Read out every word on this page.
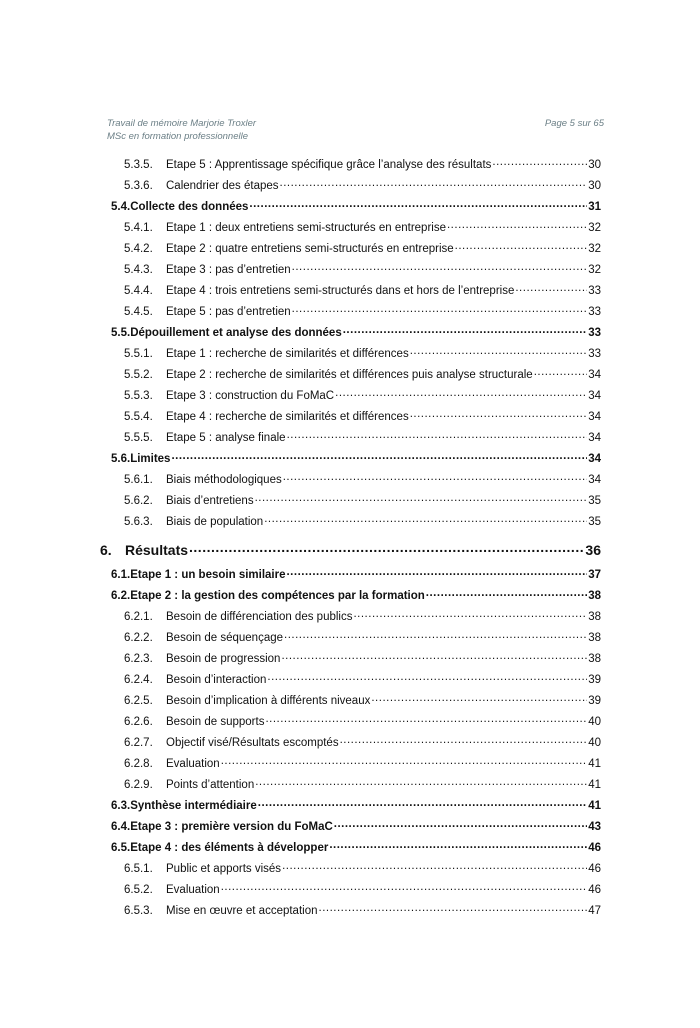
Travail de mémoire Marjorie Troxler	Page 5 sur 65
MSc en formation professionnelle
5.3.5.	Etape 5 : Apprentissage spécifique grâce l’analyse des résultats .....	30
5.3.6.	Calendrier des étapes .....	30
5.4. Collecte des données .....	31
5.4.1.	Etape 1 : deux entretiens semi-structurés en entreprise .....	32
5.4.2.	Etape 2 : quatre entretiens semi-structurés en entreprise .....	32
5.4.3.	Etape 3 : pas d’entretien .....	32
5.4.4.	Etape 4 : trois entretiens semi-structurés dans et hors de l’entreprise .....	33
5.4.5.	Etape 5 : pas d’entretien .....	33
5.5. Dépouillement et analyse des données .....	33
5.5.1.	Etape 1 : recherche de similarités et différences .....	33
5.5.2.	Etape 2 : recherche de similarités et différences puis analyse structurale .....	34
5.5.3.	Etape 3 : construction du FoMaC .....	34
5.5.4.	Etape 4 : recherche de similarités et différences .....	34
5.5.5.	Etape 5 : analyse finale .....	34
5.6. Limites .....	34
5.6.1.	Biais méthodologiques .....	34
5.6.2.	Biais d’entretiens .....	35
5.6.3.	Biais de population .....	35
6. Résultats .....	36
6.1. Etape 1 : un besoin similaire .....	37
6.2. Etape 2 : la gestion des compétences par la formation .....	38
6.2.1.	Besoin de différenciation des publics .....	38
6.2.2.	Besoin de séquençage .....	38
6.2.3.	Besoin de progression .....	38
6.2.4.	Besoin d’interaction .....	39
6.2.5.	Besoin d’implication à différents niveaux .....	39
6.2.6.	Besoin de supports .....	40
6.2.7.	Objectif visé/Résultats escomptés .....	40
6.2.8.	Evaluation .....	41
6.2.9.	Points d’attention .....	41
6.3. Synthèse intermédiaire .....	41
6.4. Etape 3 : première version du FoMaC .....	43
6.5. Etape 4 : des éléments à développer .....	46
6.5.1.	Public et apports visés .....	46
6.5.2.	Evaluation .....	46
6.5.3.	Mise en œuvre et acceptation .....	47
